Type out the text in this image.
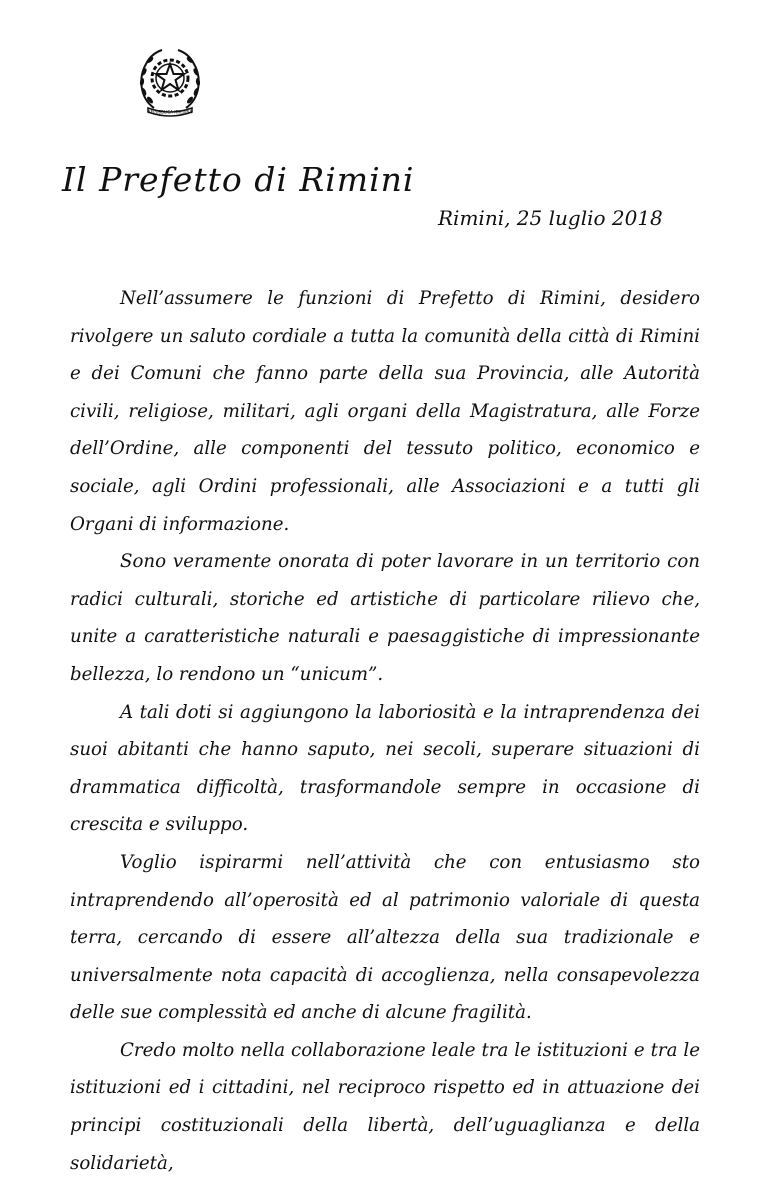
REPUBBLICA ITALIANA
Il Prefetto di Rimini
Rimini, 25 luglio 2018

Nell’assumere le funzioni di Prefetto di Rimini, desidero rivolgere un saluto cordiale a tutta la comunità della città di Rimini e dei Comuni che fanno parte della sua Provincia, alle Autorità civili, religiose, militari, agli organi della Magistratura, alle Forze dell’Ordine, alle componenti del tessuto politico, economico e sociale, agli Ordini professionali, alle Associazioni e a tutti gli Organi di informazione.

Sono veramente onorata di poter lavorare in un territorio con radici culturali, storiche ed artistiche di particolare rilievo che, unite a caratteristiche naturali e paesaggistiche di impressionante bellezza, lo rendono un “unicum”.

A tali doti si aggiungono la laboriosità e la intraprendenza dei suoi abitanti che hanno saputo, nei secoli, superare situazioni di drammatica difficoltà, trasformandole sempre in occasione di crescita e sviluppo.

Voglio ispirarmi nell’attività che con entusiasmo sto intraprendendo all’operosità ed al patrimonio valoriale di questa terra, cercando di essere all’altezza della sua tradizionale e universalmente nota capacità di accoglienza, nella consapevolezza delle sue complessità ed anche di alcune fragilità.

Credo molto nella collaborazione leale tra le istituzioni e tra le istituzioni ed i cittadini, nel reciproco rispetto ed in attuazione dei principi costituzionali della libertà, dell’uguaglianza e della solidarietà,
